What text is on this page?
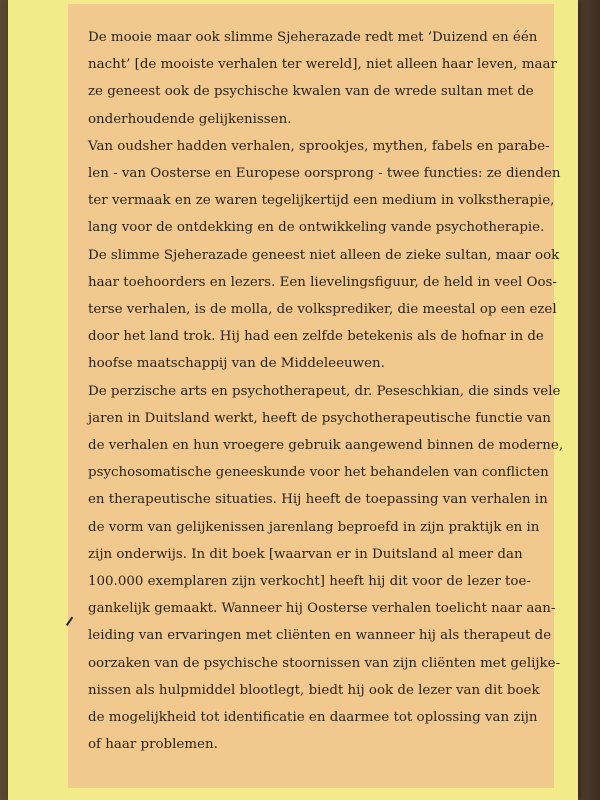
De mooie maar ook slimme Sjeherazade redt met ‘Duizend en één
nacht’ [de mooiste verhalen ter wereld], niet alleen haar leven, maar
ze geneest ook de psychische kwalen van de wrede sultan met de
onderhoudende gelijkenissen.

Van oudsher hadden verhalen, sprookjes, mythen, fabels en parabe-
len - van Oosterse en Europese oorsprong - twee functies: ze dienden
ter vermaak en ze waren tegelijkertijd een medium in volkstherapie,
lang voor de ontdekking en de ontwikkeling vande psychotherapie.

De slimme Sjeherazade geneest niet alleen de zieke sultan, maar ook
haar toehoorders en lezers. Een lievelingsfiguur, de held in veel Oos-
terse verhalen, is de molla, de volksprediker, die meestal op een ezel
door het land trok. Hij had een zelfde betekenis als de hofnar in de
hoofse maatschappij van de Middeleeuwen.

De perzische arts en psychotherapeut, dr. Peseschkian, die sinds vele
jaren in Duitsland werkt, heeft de psychotherapeutische functie van
de verhalen en hun vroegere gebruik aangewend binnen de moderne,
psychosomatische geneeskunde voor het behandelen van conflicten
en therapeutische situaties. Hij heeft de toepassing van verhalen in
de vorm van gelijkenissen jarenlang beproefd in zijn praktijk en in
zijn onderwijs. In dit boek [waarvan er in Duitsland al meer dan
100.000 exemplaren zijn verkocht] heeft hij dit voor de lezer toe-
gankelijk gemaakt. Wanneer hij Oosterse verhalen toelicht naar aan-
leiding van ervaringen met cliënten en wanneer hij als therapeut de
oorzaken van de psychische stoornissen van zijn cliënten met gelijke-
nissen als hulpmiddel blootlegt, biedt hij ook de lezer van dit boek
de mogelijkheid tot identificatie en daarmee tot oplossing van zijn
of haar problemen.
